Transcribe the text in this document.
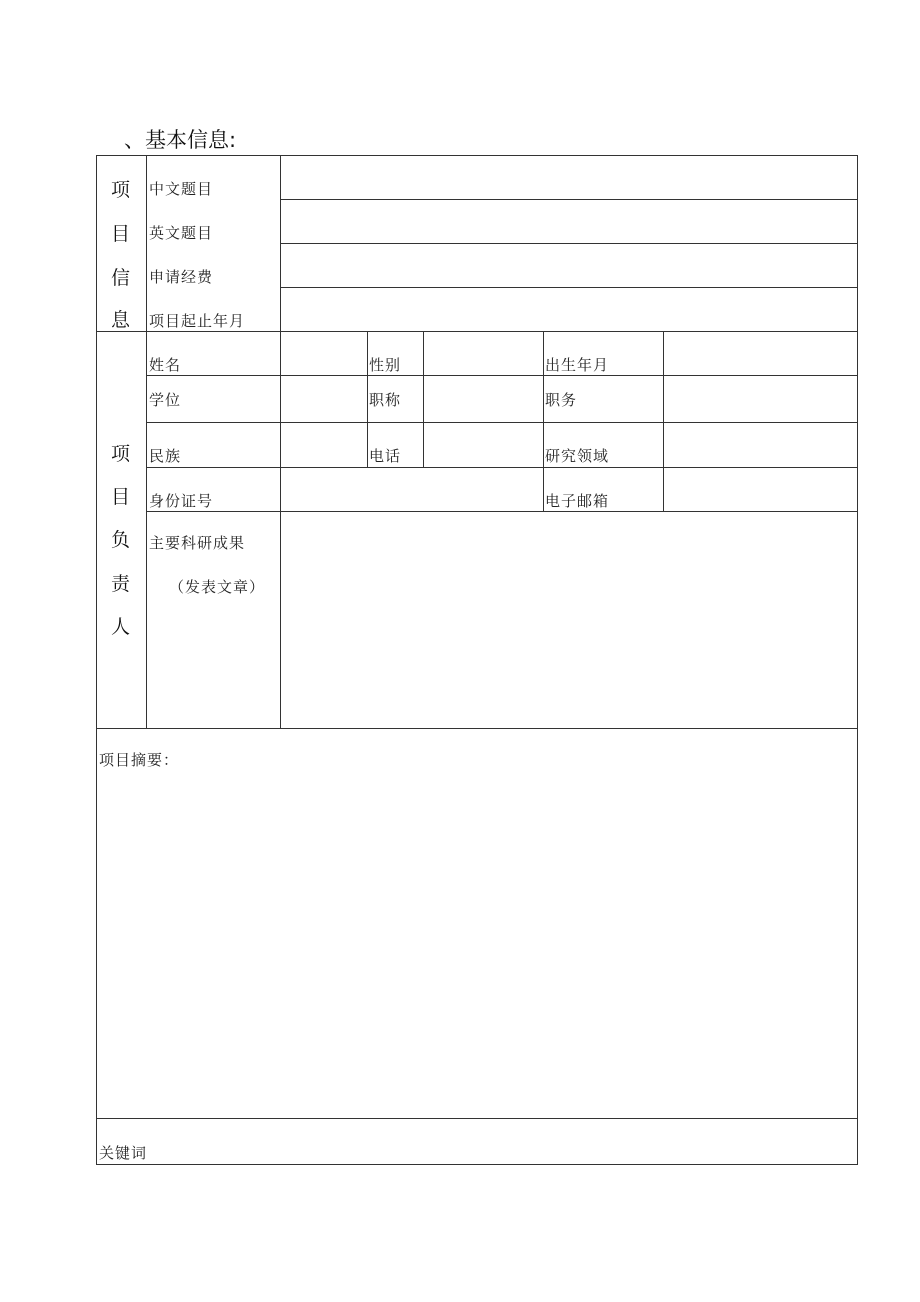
、基本信息:
项
目
信
息
中文题目
英文题目
申请经费
项目起止年月
项
目
负
责
人
姓名	性别	出生年月
学位	职称	职务
民族	电话	研究领域
身份证号	电子邮箱
主要科研成果
（发表文章）
项目摘要：
关键词
